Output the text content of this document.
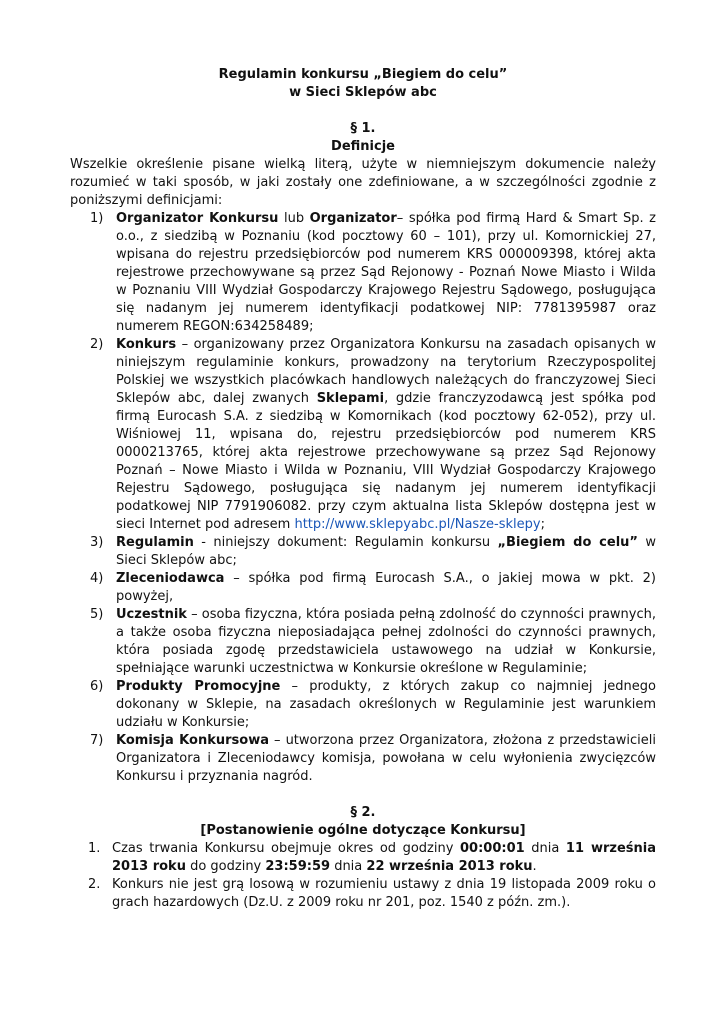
Regulamin konkursu „Biegiem do celu”
w Sieci Sklepów abc
§ 1.
Definicje
Wszelkie określenie pisane wielką literą, użyte w niemniejszym dokumencie należy rozumieć w taki sposób, w jaki zostały one zdefiniowane, a w szczególności zgodnie z poniższymi definicjami:
1) Organizator Konkursu lub Organizator– spółka pod firmą Hard & Smart Sp. z o.o., z siedzibą w Poznaniu (kod pocztowy 60 – 101), przy ul. Komornickiej 27, wpisana do rejestru przedsiębiorców pod numerem KRS 000009398, której akta rejestrowe przechowywane są przez Sąd Rejonowy - Poznań Nowe Miasto i Wilda w Poznaniu VIII Wydział Gospodarczy Krajowego Rejestru Sądowego, posługująca się nadanym jej numerem identyfikacji podatkowej NIP: 7781395987 oraz numerem REGON:634258489;
2) Konkurs – organizowany przez Organizatora Konkursu na zasadach opisanych w niniejszym regulaminie konkurs, prowadzony na terytorium Rzeczypospolitej Polskiej we wszystkich placówkach handlowych należących do franczyzowej Sieci Sklepów abc, dalej zwanych Sklepami, gdzie franczyzodawcą jest spółka pod firmą Eurocash S.A. z siedzibą w Komornikach (kod pocztowy 62-052), przy ul. Wiśniowej 11, wpisana do, rejestru przedsiębiorców pod numerem KRS 0000213765, której akta rejestrowe przechowywane są przez Sąd Rejonowy Poznań – Nowe Miasto i Wilda w Poznaniu, VIII Wydział Gospodarczy Krajowego Rejestru Sądowego, posługująca się nadanym jej numerem identyfikacji podatkowej NIP 7791906082. przy czym aktualna lista Sklepów dostępna jest w sieci Internet pod adresem http://www.sklepyabc.pl/Nasze-sklepy;
3) Regulamin - niniejszy dokument: Regulamin konkursu „Biegiem do celu” w Sieci Sklepów abc;
4) Zleceniodawca – spółka pod firmą Eurocash S.A., o jakiej mowa w pkt. 2) powyżej,
5) Uczestnik – osoba fizyczna, która posiada pełną zdolność do czynności prawnych, a także osoba fizyczna nieposiadająca pełnej zdolności do czynności prawnych, która posiada zgodę przedstawiciela ustawowego na udział w Konkursie, spełniające warunki uczestnictwa w Konkursie określone w Regulaminie;
6) Produkty Promocyjne – produkty, z których zakup co najmniej jednego dokonany w Sklepie, na zasadach określonych w Regulaminie jest warunkiem udziału w Konkursie;
7) Komisja Konkursowa – utworzona przez Organizatora, złożona z przedstawicieli Organizatora i Zleceniodawcy komisja, powołana w celu wyłonienia zwycięzców Konkursu i przyznania nagród.
§ 2.
[Postanowienie ogólne dotyczące Konkursu]
1. Czas trwania Konkursu obejmuje okres od godziny 00:00:01 dnia 11 września 2013 roku do godziny 23:59:59 dnia 22 września 2013 roku.
2. Konkurs nie jest grą losową w rozumieniu ustawy z dnia 19 listopada 2009 roku o grach hazardowych (Dz.U. z 2009 roku nr 201, poz. 1540 z późn. zm.).
